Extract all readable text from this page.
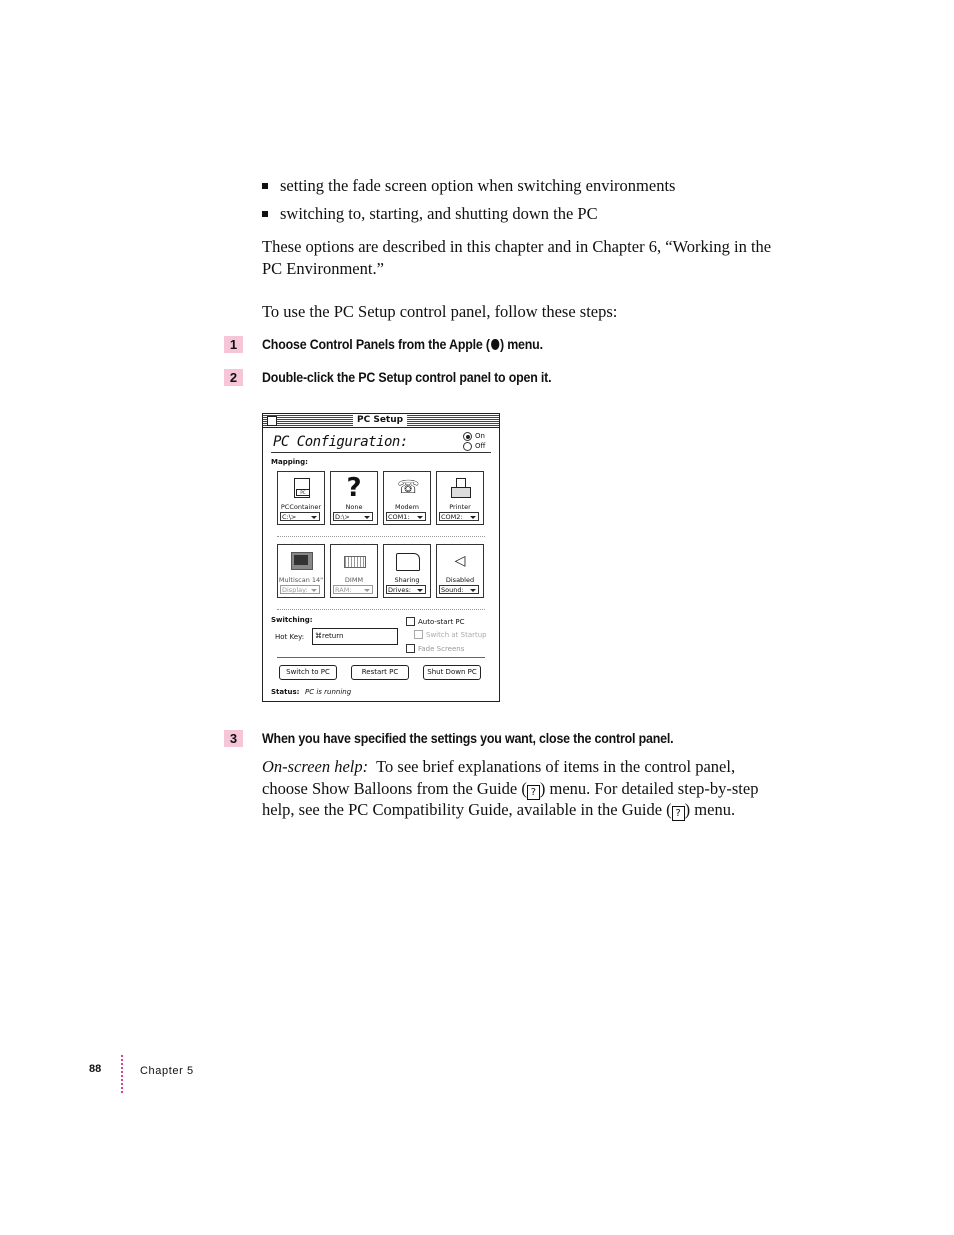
setting the fade screen option when switching environments
switching to, starting, and shutting down the PC
These options are described in this chapter and in Chapter 6, “Working in the
PC Environment.”
To use the PC Setup control panel, follow these steps:
1	Choose Control Panels from the Apple ( ) menu.
2	Double-click the PC Setup control panel to open it.
PC Setup
PC Configuration:	On
Off
Mapping:
PC
PCContainer
C:\>
?
None
D:\>
☏
Modem
COM1:
Printer
COM2:
Multiscan 14"
Display:
DIMM
RAM:
Sharing
Drives:
◁
Disabled
Sound:
Switching:
Hot Key:	⌘return
Auto-start PC
Switch at Startup
Fade Screens
Switch to PC	Restart PC	Shut Down PC
Status: PC is running
3	When you have specified the settings you want, close the control panel.
On-screen help: To see brief explanations of items in the control panel,
choose Show Balloons from the Guide ( ? ) menu. For detailed step-by-step
help, see the PC Compatibility Guide, available in the Guide ( ? ) menu.
88	Chapter 5
